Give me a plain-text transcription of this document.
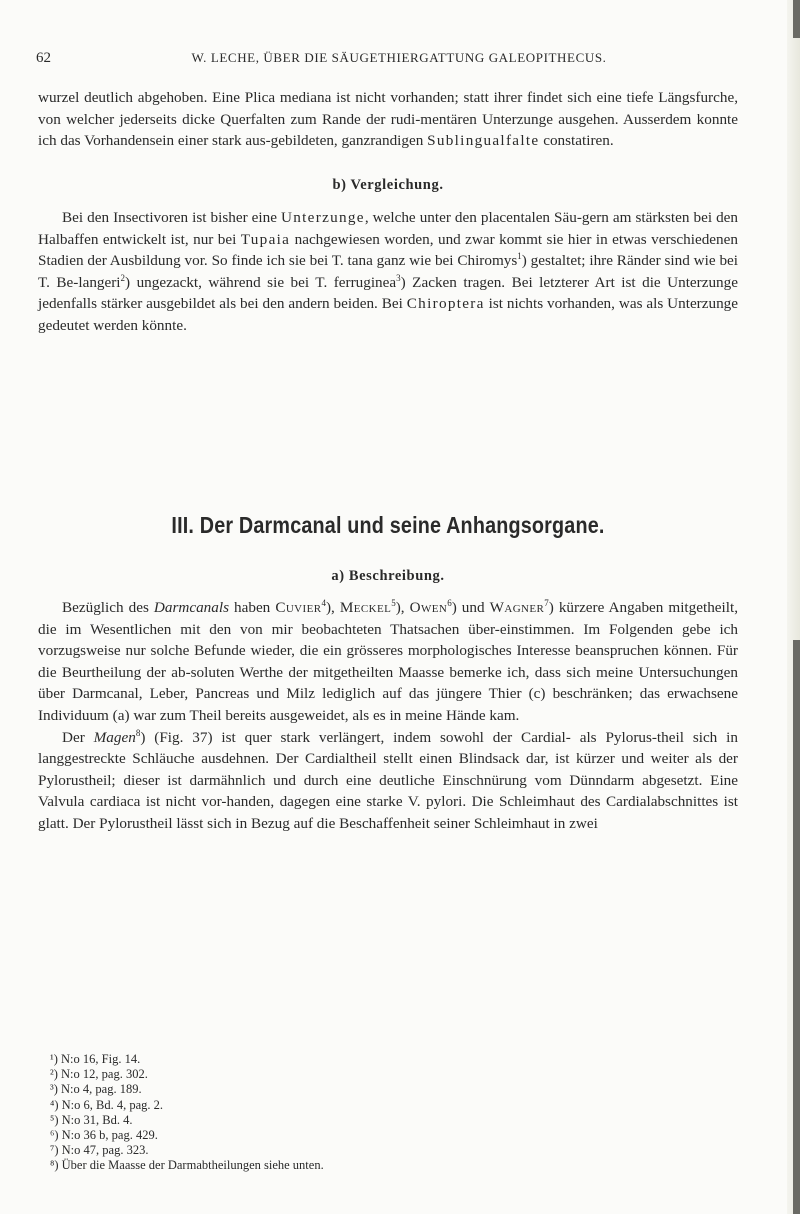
62	W. LECHE, ÜBER DIE SÄUGETHIERGATTUNG GALEOPITHECUS.

wurzel deutlich abgehoben. Eine Plica mediana ist nicht vorhanden; statt ihrer findet sich eine tiefe Längsfurche, von welcher jederseits dicke Querfalten zum Rande der rudi-mentären Unterzunge ausgehen. Ausserdem konnte ich das Vorhandensein einer stark aus-gebildeten, ganzrandigen Sublingualfalte constatiren.

b) Vergleichung.

Bei den Insectivoren ist bisher eine Unterzunge, welche unter den placentalen Säu-gern am stärksten bei den Halbaffen entwickelt ist, nur bei Tupaia nachgewiesen worden, und zwar kommt sie hier in etwas verschiedenen Stadien der Ausbildung vor. So finde ich sie bei T. tana ganz wie bei Chiromys$^1$) gestaltet; ihre Ränder sind wie bei T. Be-langeri$^2$) ungezackt, während sie bei T. ferruginea$^3$) Zacken tragen. Bei letzterer Art ist die Unterzunge jedenfalls stärker ausgebildet als bei den andern beiden. Bei Chiroptera ist nichts vorhanden, was als Unterzunge gedeutet werden könnte.

III. Der Darmcanal und seine Anhangsorgane.
a) Beschreibung.

Bezüglich des Darmcanals haben Cuvier$^4$), Meckel$^5$), Owen$^6$) und Wagner$^7$) kürzere Angaben mitgetheilt, die im Wesentlichen mit den von mir beobachteten Thatsachen über-einstimmen. Im Folgenden gebe ich vorzugsweise nur solche Befunde wieder, die ein grösseres morphologisches Interesse beanspruchen können. Für die Beurtheilung der ab-soluten Werthe der mitgetheilten Maasse bemerke ich, dass sich meine Untersuchungen über Darmcanal, Leber, Pancreas und Milz lediglich auf das jüngere Thier (c) beschränken; das erwachsene Individuum (a) war zum Theil bereits ausgeweidet, als es in meine Hände kam.

Der Magen$^8$) (Fig. 37) ist quer stark verlängert, indem sowohl der Cardial- als Pylorus-theil sich in langgestreckte Schläuche ausdehnen. Der Cardialtheil stellt einen Blindsack dar, ist kürzer und weiter als der Pylorustheil; dieser ist darmähnlich und durch eine deutliche Einschnürung vom Dünndarm abgesetzt. Eine Valvula cardiaca ist nicht vor-handen, dagegen eine starke V. pylori. Die Schleimhaut des Cardialabschnittes ist glatt. Der Pylorustheil lässt sich in Bezug auf die Beschaffenheit seiner Schleimhaut in zwei

¹) N:o 16, Fig. 14.
²) N:o 12, pag. 302.
³) N:o 4, pag. 189.
⁴) N:o 6, Bd. 4, pag. 2.
⁵) N:o 31, Bd. 4.
⁶) N:o 36 b, pag. 429.
⁷) N:o 47, pag. 323.
⁸) Über die Maasse der Darmabtheilungen siehe unten.
